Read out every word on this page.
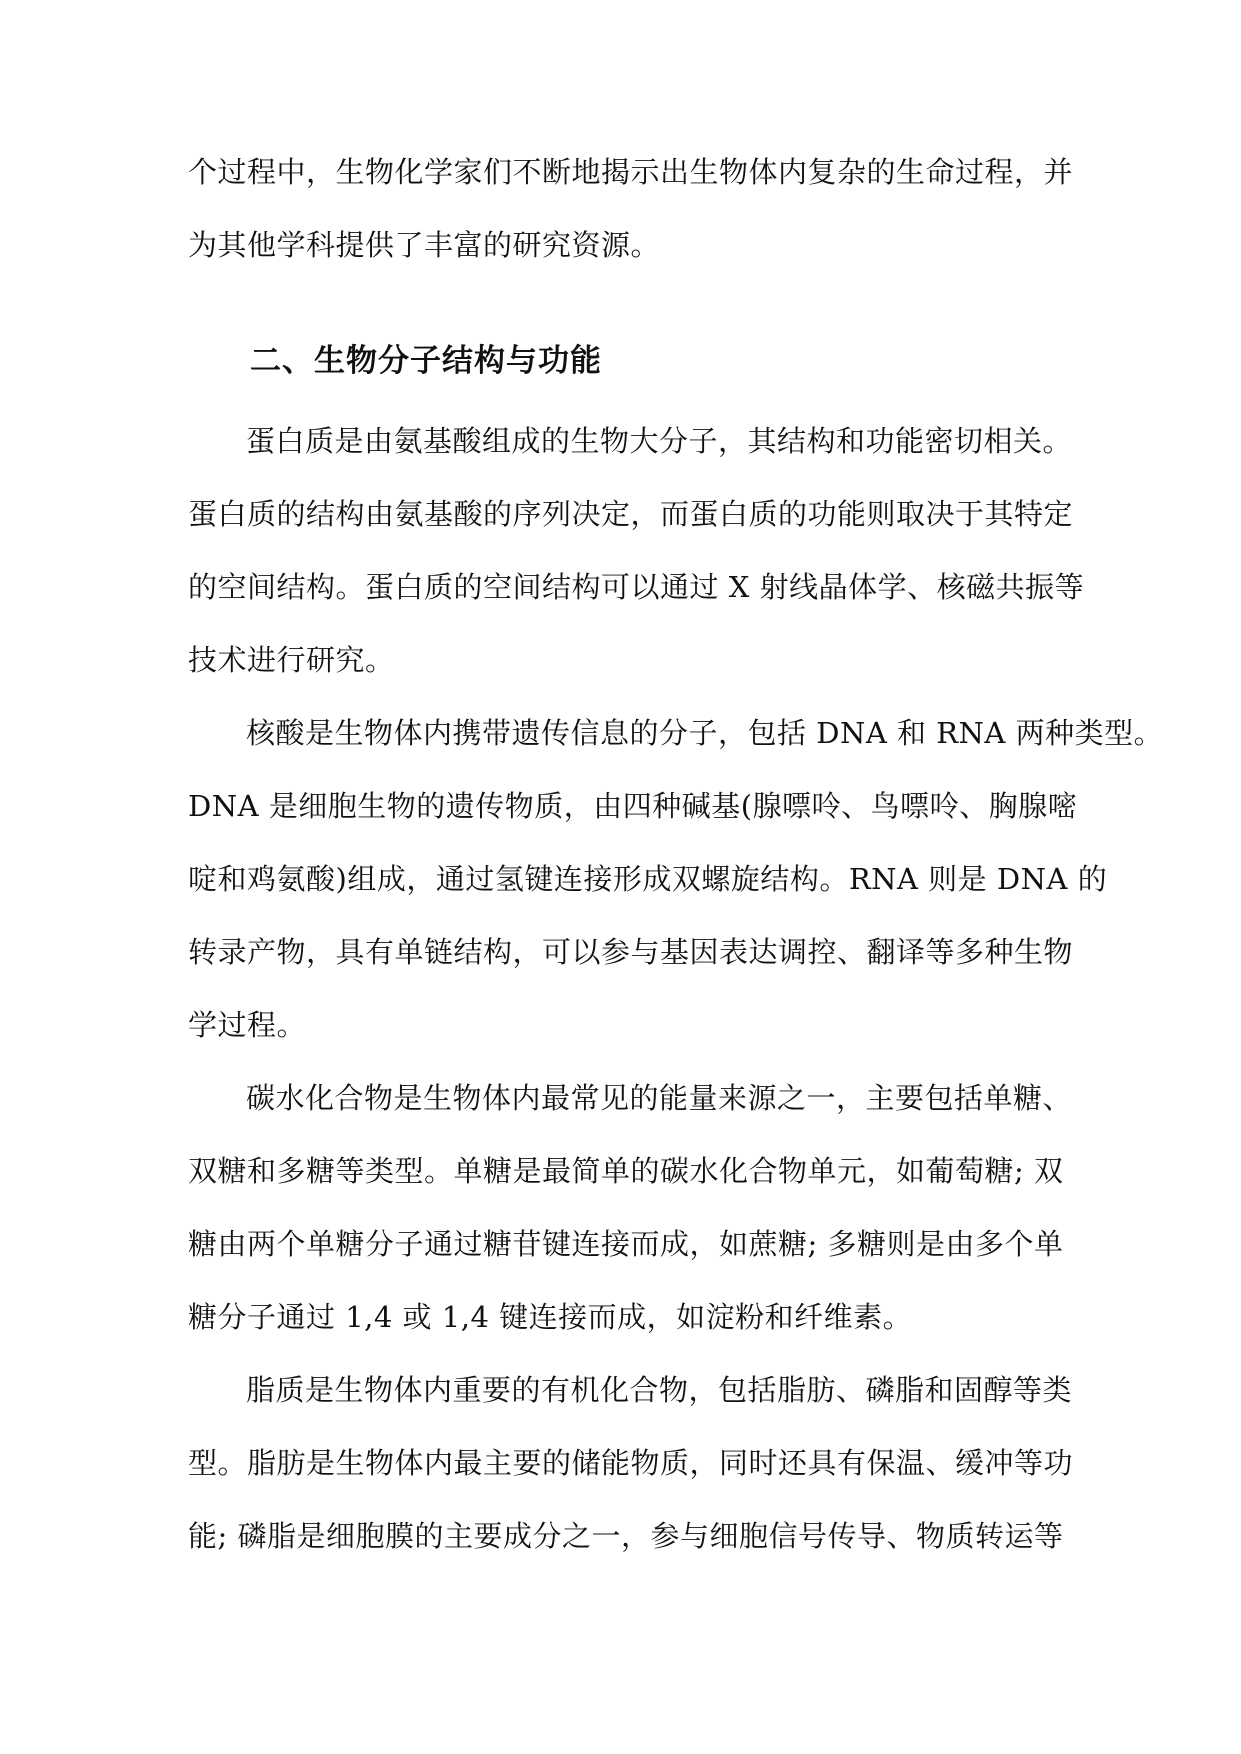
个过程中，生物化学家们不断地揭示出生物体内复杂的生命过程，并
为其他学科提供了丰富的研究资源。
二、生物分子结构与功能
蛋白质是由氨基酸组成的生物大分子，其结构和功能密切相关。
蛋白质的结构由氨基酸的序列决定，而蛋白质的功能则取决于其特定
的空间结构。蛋白质的空间结构可以通过 X 射线晶体学、核磁共振等
技术进行研究。
核酸是生物体内携带遗传信息的分子，包括 DNA 和 RNA 两种类型。
DNA 是细胞生物的遗传物质，由四种碱基(腺嘌呤、鸟嘌呤、胸腺嘧
啶和鸡氨酸)组成，通过氢键连接形成双螺旋结构。RNA 则是 DNA 的
转录产物，具有单链结构，可以参与基因表达调控、翻译等多种生物
学过程。
碳水化合物是生物体内最常见的能量来源之一，主要包括单糖、
双糖和多糖等类型。单糖是最简单的碳水化合物单元，如葡萄糖; 双
糖由两个单糖分子通过糖苷键连接而成，如蔗糖; 多糖则是由多个单
糖分子通过 1,4 或 1,4 键连接而成，如淀粉和纤维素。
脂质是生物体内重要的有机化合物，包括脂肪、磷脂和固醇等类
型。脂肪是生物体内最主要的储能物质，同时还具有保温、缓冲等功
能; 磷脂是细胞膜的主要成分之一，参与细胞信号传导、物质转运等
